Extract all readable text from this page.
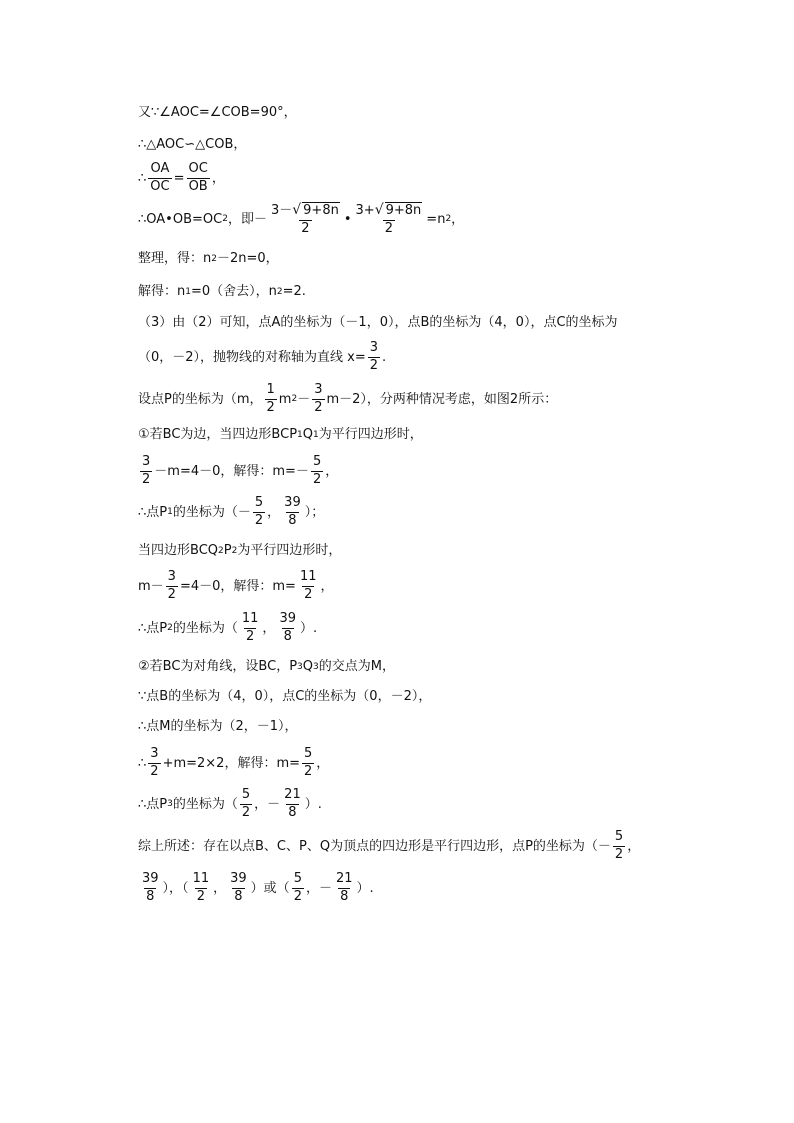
又∵∠AOC=∠COB=90°，
∴△AOC∽△COB，
∴ $\frac{OA}{OC} = \frac{OC}{OB}$ ，
∴OA•OB=OC 2 ，即－ $\frac{3-√ 9+8n}{2}$ • $\frac{3+√ 9+8n}{2} =n$ 2 ，
整理，得：n 2 －2n=0，
解得：n 1 =0（舍去），n 2 =2.
（3）由（2）可知，点A的坐标为（－1，0），点B的坐标为（4，0），点C的坐标为
（0，－2），抛物线的对称轴为直线 $x= \frac{3}{2}$ .
设点P的坐标为（m， $\frac{1}{2}$ m $2 - \frac{3}{2} m-2$），分两种情况考虑，如图2所示：
①若BC为边，当四边形BCP 1 Q 1 为平行四边形时，
$\frac{3}{2} -m=4-0$，解得：$m=- \frac{5}{2}$ ，
∴点P 1 的坐标为（－ $\frac{5}{2}$ ， $\frac{39}{8}$ ）；
当四边形BCQ 2 P 2 为平行四边形时，
$m- \frac{3}{2} =4-0$，解得：$m= \frac{11}{2}$ ，
∴点P 2 的坐标为（ $\frac{11}{2}$ ， $\frac{39}{8}$ ）.
②若BC为对角线，设BC，P 3 Q 3 的交点为M，
∵点B的坐标为（4，0），点C的坐标为（0，－2），
∴点M的坐标为（2，－1），
∴ $\frac{3}{2} +m=2\times 2$，解得：$m= \frac{5}{2}$ ，
∴点P 3 的坐标为（ $\frac{5}{2}$ ，－ $\frac{21}{8}$ ）.
综上所述：存在以点B、C、P、Q为顶点的四边形是平行四边形，点P的坐标为（－ $\frac{5}{2}$ ，
$\frac{39}{8}$ ），（ $\frac{11}{2}$ ， $\frac{39}{8}$ ）或（ $\frac{5}{2}$ ，－ $\frac{21}{8}$ ）.
